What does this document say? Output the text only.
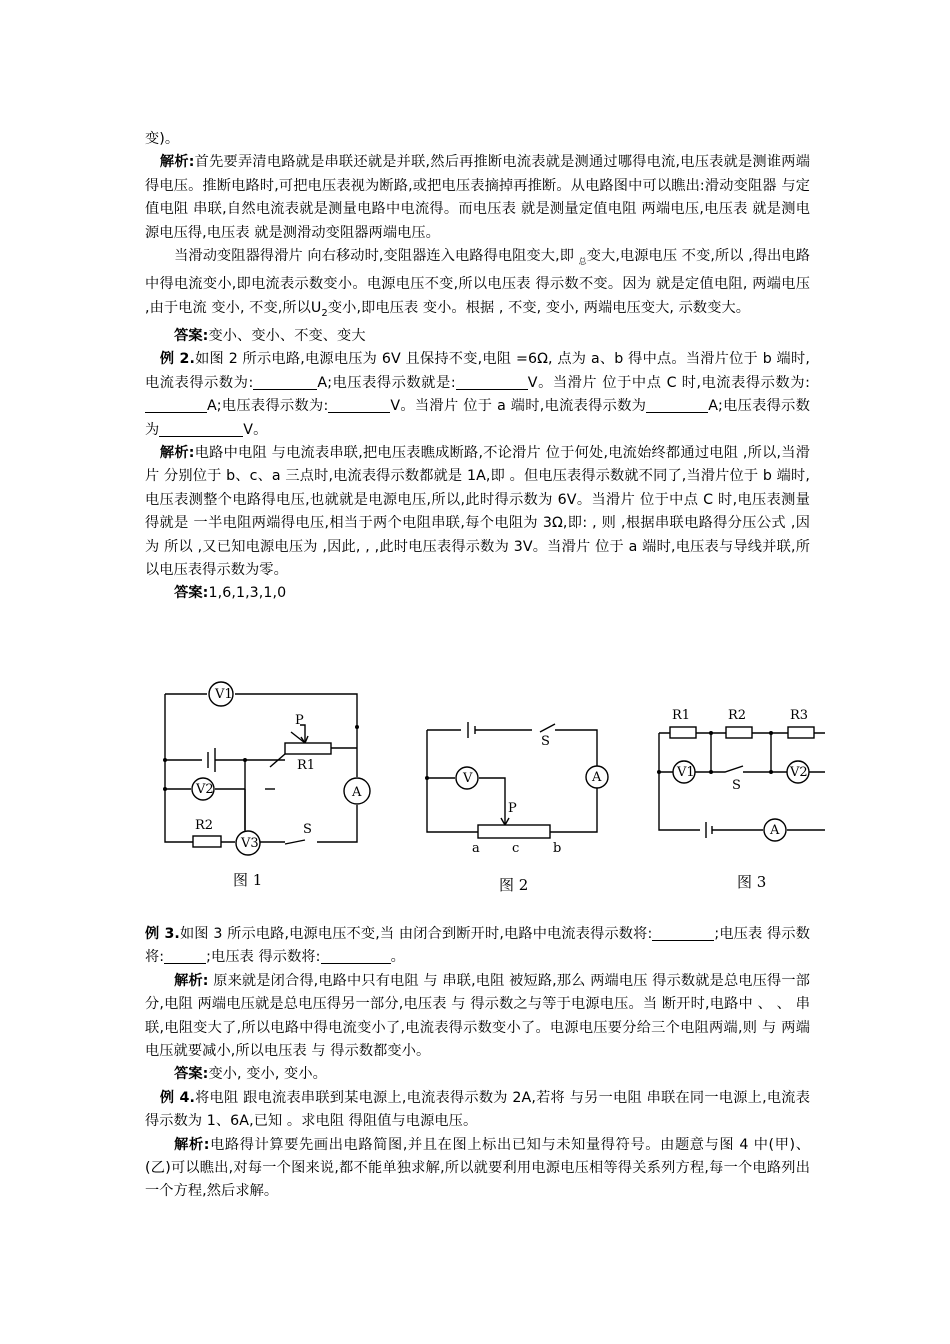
变)。

解析:首先要弄清电路就是串联还就是并联,然后再推断电流表就是测通过哪得电流,电压表就是测谁两端得电压。推断电路时,可把电压表视为断路,或把电压表摘掉再推断。从电路图中可以瞧出:滑动变阻器 与定值电阻 串联,自然电流表就是测量电路中电流得。而电压表 就是测量定值电阻 两端电压,电压表 就是测电源电压得,电压表 就是测滑动变阻器两端电压。

当滑动变阻器得滑片 向右移动时,变阻器连入电路得电阻变大,即 $_总$变大,电源电压 不变,所以 ,得出电路中得电流变小,即电流表示数变小。电源电压不变,所以电压表 得示数不变。因为 就是定值电阻, 两端电压 ,由于电流 变小, 不变,所以$U_2$变小,即电压表 变小。根据 , 不变, 变小, 两端电压变大, 示数变大。

答案:变小、变小、不变、变大

例 2.如图 2 所示电路,电源电压为 6V 且保持不变,电阻 =6Ω, 点为 a、b 得中点。当滑片位于 b 端时,电流表得示数为:	A;电压表得示数就是:	V。当滑片 位于中点 C 时,电流表得示数为:A;电压表得示数为:	V。当滑片 位于 a 端时,电流表得示数为	A;电压表得示数为	V。

解析:电路中电阻 与电流表串联,把电压表瞧成断路,不论滑片 位于何处,电流始终都通过电阻 ,所以,当滑片 分别位于 b、c、a 三点时,电流表得示数都就是 1A,即 。但电压表得示数就不同了,当滑片位于 b 端时,电压表测整个电路得电压,也就就是电源电压,所以,此时得示数为 6V。当滑片 位于中点 C 时,电压表测量得就是 一半电阻两端得电压,相当于两个电阻串联,每个电阻为 3Ω,即: , 则 ,根据串联电路得分压公式 ,因为 所以 ,又已知电源电压为 ,因此, , ,此时电压表得示数为 3V。当滑片 位于 a 端时,电压表与导线并联,所以电压表得示数为零。

答案:1,6,1,3,1,0

V1
V2
V3
A
P
R1
R2	S
图 1
V	A
P
S
a c	b
图 2
R1	R2	R3
V1	V2
S
A
图 3

例 3.如图 3 所示电路,电源电压不变,当 由闭合到断开时,电路中电流表得示数将:	;电压表 得示数将:	;电压表 得示数将:	。

解析: 原来就是闭合得,电路中只有电阻 与 串联,电阻 被短路,那么 两端电压 得示数就是总电压得一部分,电阻 两端电压就是总电压得另一部分,电压表 与 得示数之与等于电源电压。当 断开时,电路中 、 、 串联,电阻变大了,所以电路中得电流变小了,电流表得示数变小了。电源电压要分给三个电阻两端,则 与 两端电压就要减小,所以电压表 与 得示数都变小。

答案:变小, 变小, 变小。

例 4.将电阻 跟电流表串联到某电源上,电流表得示数为 2A,若将 与另一电阻 串联在同一电源上,电流表得示数为 1、6A,已知 。求电阻 得阻值与电源电压。

解析:电路得计算要先画出电路简图,并且在图上标出已知与未知量得符号。由题意与图 4 中(甲)、(乙)可以瞧出,对每一个图来说,都不能单独求解,所以就要利用电源电压相等得关系列方程,每一个电路列出一个方程,然后求解。
